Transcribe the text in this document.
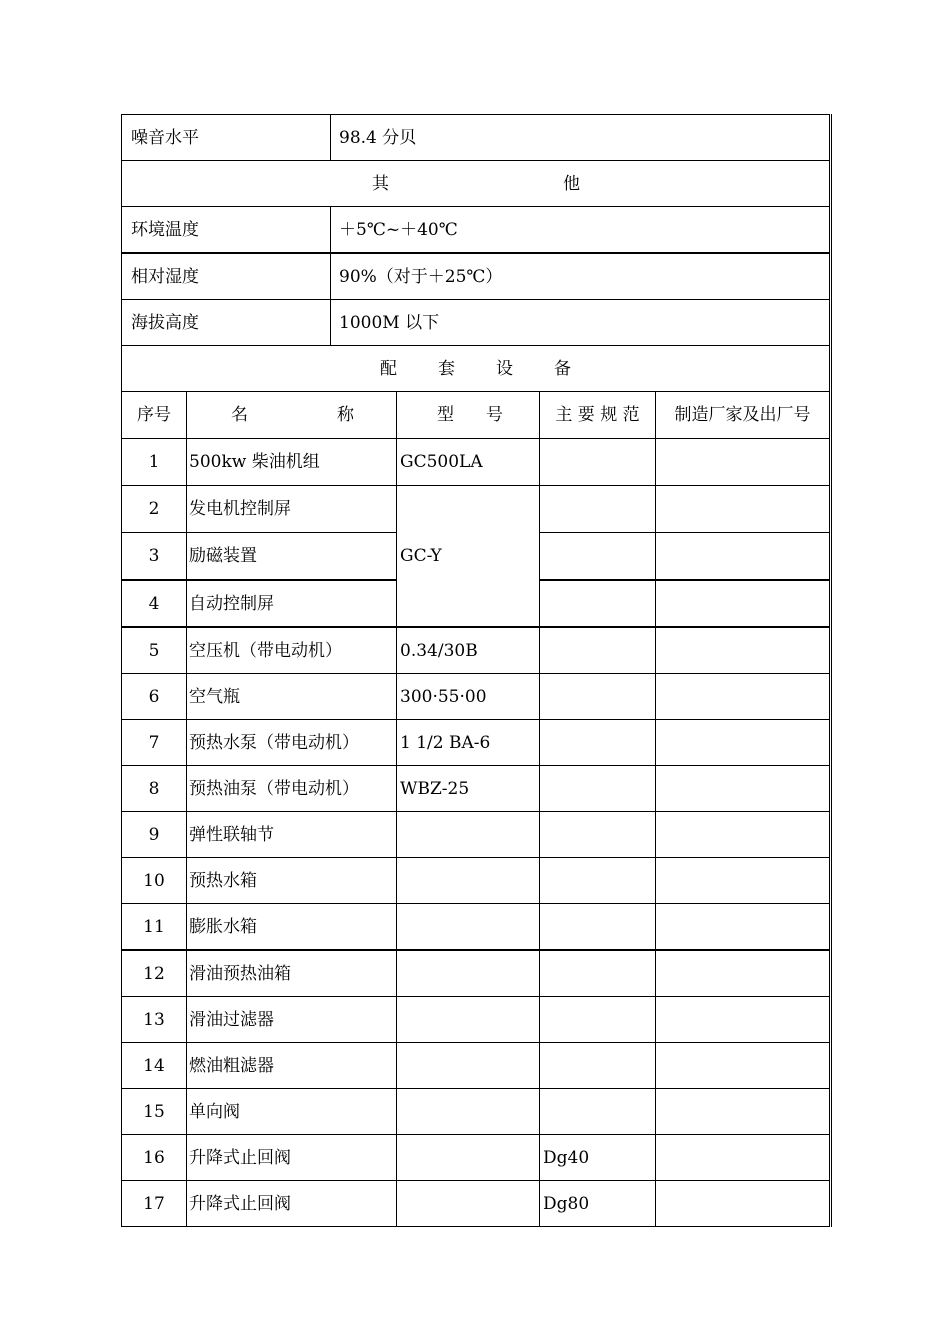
噪音水平		98.4 分贝			

其 他					

环境温度		＋5℃~＋40℃			
相对湿度		90%（对于＋25℃）			
海拔高度		1000M 以下			

配 套 设 备					

序号	名 称		型 号	主 要 规 范	制造厂家及出厂号
1	500kw 柴油机组		GC500LA		
2	发电机控制屏		GC-Y		
3	励磁装置				
4	自动控制屏				
5	空压机（带电动机）		0.34/30B		
6	空气瓶		300·55·00		
7	预热水泵（带电动机）		1 1/2 BA-6		
8	预热油泵（带电动机）		WBZ-25		
9	弹性联轴节				
10	预热水箱				
11	膨胀水箱				
12	滑油预热油箱				
13	滑油过滤器				
14	燃油粗滤器				
15	单向阀				
16	升降式止回阀			Dg40	
17	升降式止回阀			Dg80	
